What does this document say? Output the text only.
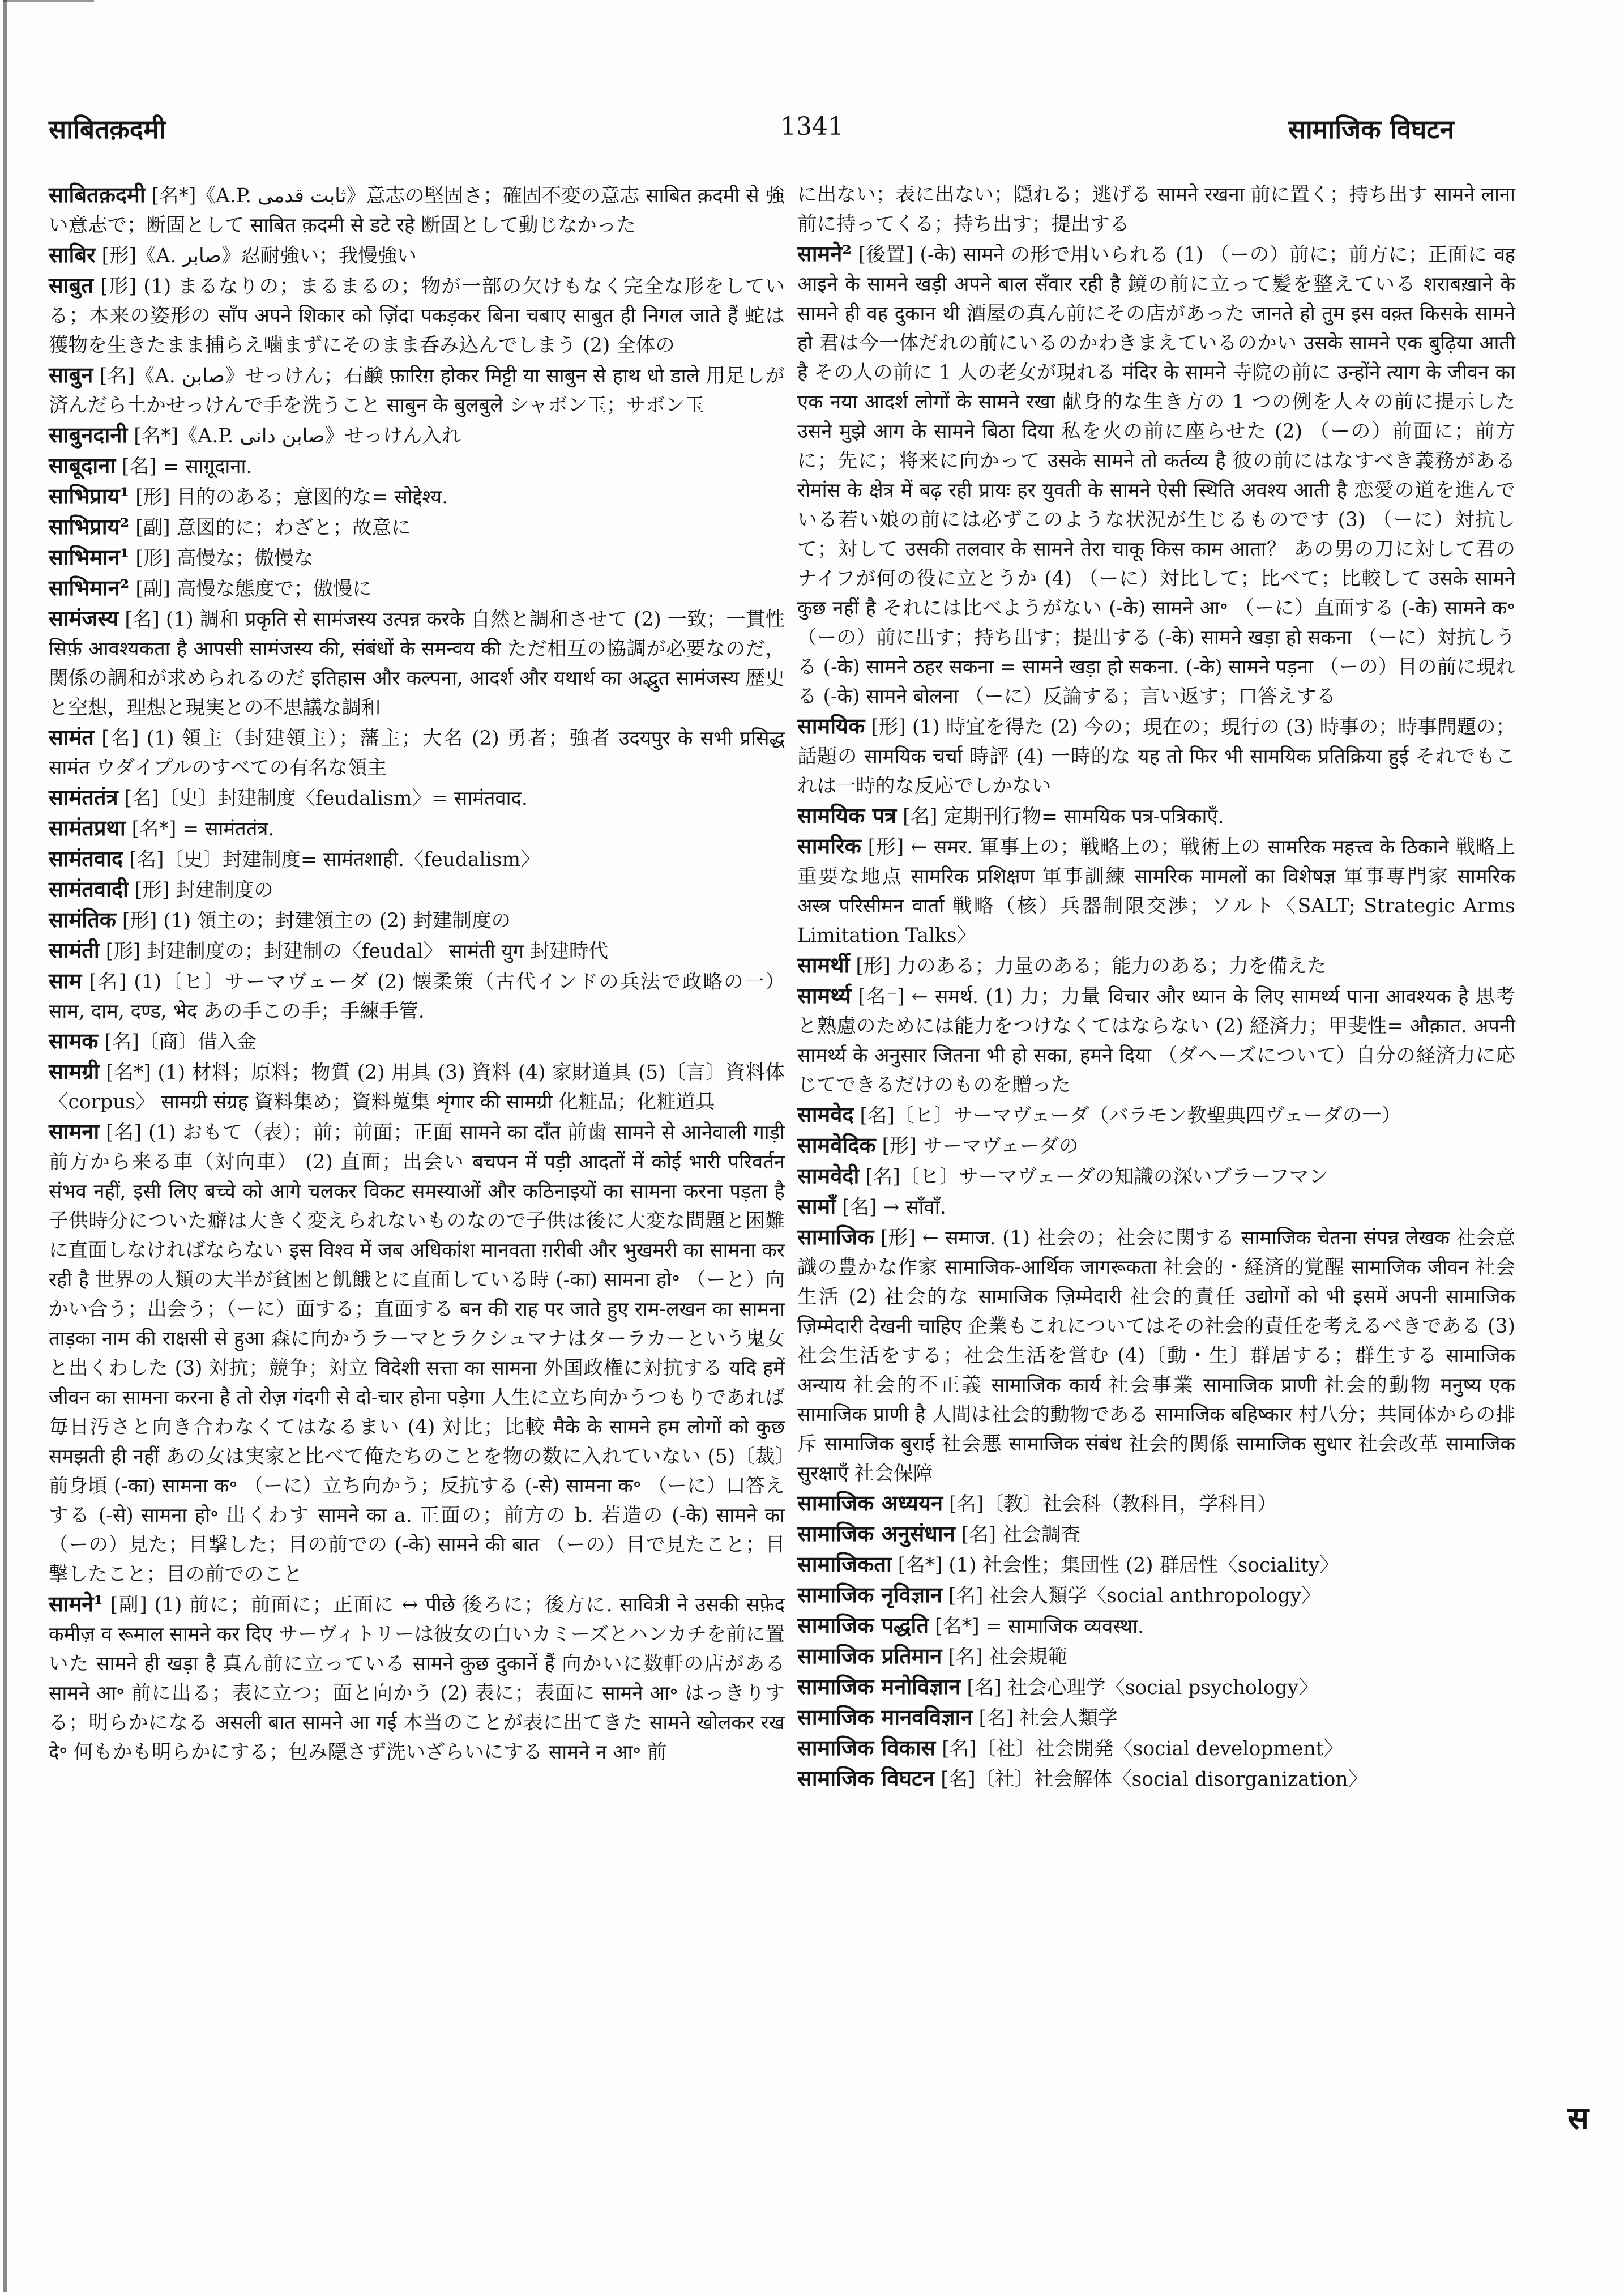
साबितक़दमी	1341	सामाजिक विघटन

साबितक़दमी [名*]《A.P. ثابت قدمی》意志の堅固さ；確固不変の意志 साबित क़दमी से 強い意志で；断固として साबित क़दमी से डटे रहे 断固として動じなかった

साबिर [形]《A. صابر》忍耐強い；我慢強い

साबुत [形] (1) まるなりの；まるまるの；物が一部の欠けもなく完全な形をしている；本来の姿形の साँप अपने शिकार को ज़िंदा पकड़कर बिना चबाए साबुत ही निगल जाते हैं 蛇は獲物を生きたまま捕らえ噛まずにそのまま呑み込んでしまう (2) 全体の

साबुन [名]《A. صابن》せっけん；石鹸 फ़ारिग़ होकर मिट्टी या साबुन से हाथ धो डाले 用足しが済んだら土かせっけんで手を洗うこと साबुन के बुलबुले シャボン玉；サボン玉

साबुनदानी [名*]《A.P. صابن دانی》せっけん入れ

साबूदाना [名] = साग़ूदाना.

साभिप्राय¹ [形] 目的のある；意図的な= सोद्देश्य.

साभिप्राय² [副] 意図的に；わざと；故意に

साभिमान¹ [形] 高慢な；傲慢な

साभिमान² [副] 高慢な態度で；傲慢に

सामंजस्य [名] (1) 調和 प्रकृति से सामंजस्य उत्पन्न करके 自然と調和させて (2) 一致；一貫性 सिर्फ़ आवश्यकता है आपसी सामंजस्य की, संबंधों के समन्वय की ただ相互の協調が必要なのだ，関係の調和が求められるのだ इतिहास और कल्पना, आदर्श और यथार्थ का अद्भुत सामंजस्य 歴史と空想，理想と現実との不思議な調和

सामंत [名] (1) 領主（封建領主）；藩主；大名 (2) 勇者；強者 उदयपुर के सभी प्रसिद्ध सामंत ウダイプルのすべての有名な領主

सामंततंत्र [名]〔史〕封建制度〈feudalism〉= सामंतवाद.

सामंतप्रथा [名*] = सामंततंत्र.

सामंतवाद [名]〔史〕封建制度= सामंतशाही.〈feudalism〉

सामंतवादी [形] 封建制度の

सामंतिक [形] (1) 領主の；封建領主の (2) 封建制度の

सामंती [形] 封建制度の；封建制の〈feudal〉 सामंती युग 封建時代

साम [名] (1)〔ヒ〕サーマヴェーダ (2) 懐柔策（古代インドの兵法で政略の一） साम, दाम, दण्ड, भेद あの手この手；手練手管.

सामक [名]〔商〕借入金

सामग्री [名*] (1) 材料；原料；物質 (2) 用具 (3) 資料 (4) 家財道具 (5)〔言〕資料体〈corpus〉 सामग्री संग्रह 資料集め；資料蒐集 शृंगार की सामग्री 化粧品；化粧道具

सामना [名] (1) おもて（表）；前；前面；正面 सामने का दाँत 前歯 सामने से आनेवाली गाड़ी 前方から来る車（対向車） (2) 直面；出会い बचपन में पड़ी आदतों में कोई भारी परिवर्तन संभव नहीं, इसी लिए बच्चे को आगे चलकर विकट समस्याओं और कठिनाइयों का सामना करना पड़ता है 子供時分についた癖は大きく変えられないものなので子供は後に大変な問題と困難に直面しなければならない इस विश्व में जब अधिकांश मानवता ग़रीबी और भुखमरी का सामना कर रही है 世界の人類の大半が貧困と飢餓とに直面している時 (-का) सामना हो॰ （ーと）向かい合う；出会う；（ーに）面する；直面する बन की राह पर जाते हुए राम-लखन का सामना ताड़का नाम की राक्षसी से हुआ 森に向かうラーマとラクシュマナはターラカーという鬼女と出くわした (3) 対抗；競争；対立 विदेशी सत्ता का सामना 外国政権に対抗する यदि हमें जीवन का सामना करना है तो रोज़ गंदगी से दो-चार होना पड़ेगा 人生に立ち向かうつもりであれば毎日汚さと向き合わなくてはなるまい (4) 対比；比較 मैके के सामने हम लोगों को कुछ समझती ही नहीं あの女は実家と比べて俺たちのことを物の数に入れていない (5)〔裁〕前身頃 (-का) सामना क॰ （ーに）立ち向かう；反抗する (-से) सामना क॰ （ーに）口答えする (-से) सामना हो॰ 出くわす सामने का a. 正面の；前方の b. 若造の (-के) सामने का （ーの）見た；目撃した；目の前での (-के) सामने की बात （ーの）目で見たこと；目撃したこと；目の前でのこと

सामने¹ [副] (1) 前に；前面に；正面に ↔ पीछे 後ろに；後方に. सावित्री ने उसकी सफ़ेद कमीज़ व रूमाल सामने कर दिए サーヴィトリーは彼女の白いカミーズとハンカチを前に置いた सामने ही खड़ा है 真ん前に立っている सामने कुछ दुकानें हैं 向かいに数軒の店がある सामने आ॰ 前に出る；表に立つ；面と向かう (2) 表に；表面に सामने आ॰ はっきりする；明らかになる असली बात सामने आ गई 本当のことが表に出てきた सामने खोलकर रख दे॰ 何もかも明らかにする；包み隠さず洗いざらいにする सामने न आ॰ 前

に出ない；表に出ない；隠れる；逃げる सामने रखना 前に置く；持ち出す सामने लाना 前に持ってくる；持ち出す；提出する

सामने² [後置] (-के) सामने の形で用いられる (1) （ーの）前に；前方に；正面に वह आइने के सामने खड़ी अपने बाल सँवार रही है 鏡の前に立って髪を整えている शराबख़ाने के सामने ही वह दुकान थी 酒屋の真ん前にその店があった जानते हो तुम इस वक़्त किसके सामने हो 君は今一体だれの前にいるのかわきまえているのかい उसके सामने एक बुढ़िया आती है その人の前に 1 人の老女が現れる मंदिर के सामने 寺院の前に उन्होंने त्याग के जीवन का एक नया आदर्श लोगों के सामने रखा 献身的な生き方の 1 つの例を人々の前に提示した उसने मुझे आग के सामने बिठा दिया 私を火の前に座らせた (2) （ーの）前面に；前方に；先に；将来に向かって उसके सामने तो कर्तव्य है 彼の前にはなすべき義務がある रोमांस के क्षेत्र में बढ़ रही प्रायः हर युवती के सामने ऐसी स्थिति अवश्य आती है 恋愛の道を進んでいる若い娘の前には必ずこのような状況が生じるものです (3) （ーに）対抗して；対して उसकी तलवार के सामने तेरा चाकू किस काम आता？ あの男の刀に対して君のナイフが何の役に立とうか (4) （ーに）対比して；比べて；比較して उसके सामने कुछ नहीं है それには比べようがない (-के) सामने आ॰ （ーに）直面する (-के) सामने क॰ （ーの）前に出す；持ち出す；提出する (-के) सामने खड़ा हो सकना （ーに）対抗しうる (-के) सामने ठहर सकना = सामने खड़ा हो सकना. (-के) सामने पड़ना （ーの）目の前に現れる (-के) सामने बोलना （ーに）反論する；言い返す；口答えする

सामयिक [形] (1) 時宜を得た (2) 今の；現在の；現行の (3) 時事の；時事問題の；話題の सामयिक चर्चा 時評 (4) 一時的な यह तो फिर भी सामयिक प्रतिक्रिया हुई それでもこれは一時的な反応でしかない

सामयिक पत्र [名] 定期刊行物= सामयिक पत्र-पत्रिकाएँ.

सामरिक [形] ← समर. 軍事上の；戦略上の；戦術上の सामरिक महत्त्व के ठिकाने 戦略上重要な地点 सामरिक प्रशिक्षण 軍事訓練 सामरिक मामलों का विशेषज्ञ 軍事専門家 सामरिक अस्त्र परिसीमन वार्ता 戦略（核）兵器制限交渉；ソルト〈SALT; Strategic Arms Limitation Talks〉

सामर्थी [形] 力のある；力量のある；能力のある；力を備えた

सामर्थ्य [名⁻] ← समर्थ. (1) 力；力量 विचार और ध्यान के लिए सामर्थ्य पाना आवश्यक है 思考と熟慮のためには能力をつけなくてはならない (2) 経済力；甲斐性= औक़ात. अपनी सामर्थ्य के अनुसार जितना भी हो सका, हमने दिया （ダヘーズについて）自分の経済力に応じてできるだけのものを贈った

सामवेद [名]〔ヒ〕サーマヴェーダ（バラモン教聖典四ヴェーダの一）

सामवेदिक [形] サーマヴェーダの

सामवेदी [名]〔ヒ〕サーマヴェーダの知識の深いブラーフマン

सामाँ [名] → साँवाँ.

सामाजिक [形] ← समाज. (1) 社会の；社会に関する सामाजिक चेतना संपन्न लेखक 社会意識の豊かな作家 सामाजिक-आर्थिक जागरूकता 社会的・経済的覚醒 सामाजिक जीवन 社会生活 (2) 社会的な सामाजिक ज़िम्मेदारी 社会的責任 उद्योगों को भी इसमें अपनी सामाजिक ज़िम्मेदारी देखनी चाहिए 企業もこれについてはその社会的責任を考えるべきである (3) 社会生活をする；社会生活を営む (4)〔動・生〕群居する；群生する सामाजिक अन्याय 社会的不正義 सामाजिक कार्य 社会事業 सामाजिक प्राणी 社会的動物 मनुष्य एक सामाजिक प्राणी है 人間は社会的動物である सामाजिक बहिष्कार 村八分；共同体からの排斥 सामाजिक बुराई 社会悪 सामाजिक संबंध 社会的関係 सामाजिक सुधार 社会改革 सामाजिक सुरक्षाएँ 社会保障

सामाजिक अध्ययन [名]〔教〕社会科（教科目，学科目）

सामाजिक अनुसंधान [名] 社会調査

सामाजिकता [名*] (1) 社会性；集団性 (2) 群居性〈sociality〉

सामाजिक नृविज्ञान [名] 社会人類学〈social anthropology〉

सामाजिक पद्धति [名*] = सामाजिक व्यवस्था.

सामाजिक प्रतिमान [名] 社会規範

सामाजिक मनोविज्ञान [名] 社会心理学〈social psychology〉

सामाजिक मानवविज्ञान [名] 社会人類学

सामाजिक विकास [名]〔社〕社会開発〈social development〉

सामाजिक विघटन [名]〔社〕社会解体〈social disorganization〉

स
